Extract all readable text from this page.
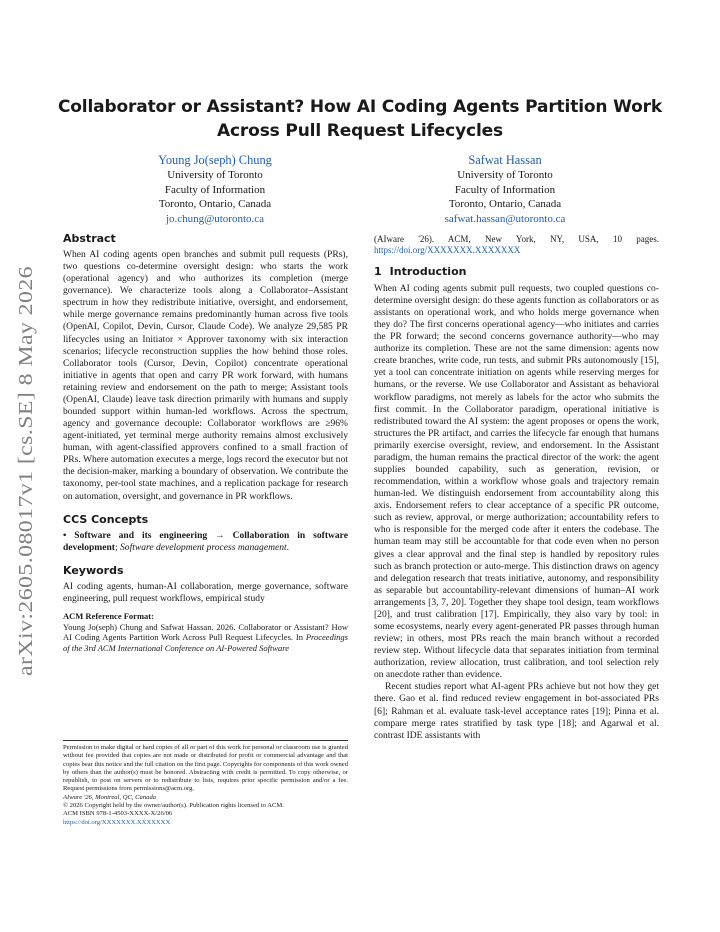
arXiv:2605.08017v1 [cs.SE] 8 May 2026
Collaborator or Assistant? How AI Coding Agents Partition Work Across Pull Request Lifecycles
Young Jo(seph) Chung
University of Toronto
Faculty of Information
Toronto, Ontario, Canada
jo.chung@utoronto.ca
Safwat Hassan
University of Toronto
Faculty of Information
Toronto, Ontario, Canada
safwat.hassan@utoronto.ca
Abstract

When AI coding agents open branches and submit pull requests (PRs), two questions co-determine oversight design: who starts the work (operational agency) and who authorizes its completion (merge governance). We characterize tools along a Collaborator–Assistant spectrum in how they redistribute initiative, oversight, and endorsement, while merge governance remains predominantly human across five tools (OpenAI, Copilot, Devin, Cursor, Claude Code). We analyze 29,585 PR lifecycles using an Initiator × Approver taxonomy with six interaction scenarios; lifecycle reconstruction supplies the how behind those roles. Collaborator tools (Cursor, Devin, Copilot) concentrate operational initiative in agents that open and carry PR work forward, with humans retaining review and endorsement on the path to merge; Assistant tools (OpenAI, Claude) leave task direction primarily with humans and supply bounded support within human-led workflows. Across the spectrum, agency and governance decouple: Collaborator workflows are ≥96% agent-initiated, yet terminal merge authority remains almost exclusively human, with agent-classified approvers confined to a small fraction of PRs. Where automation executes a merge, logs record the executor but not the decision-maker, marking a boundary of observation. We contribute the taxonomy, per-tool state machines, and a replication package for research on automation, oversight, and governance in PR workflows.

CCS Concepts

• Software and its engineering → Collaboration in software development; Software development process management.

Keywords

AI coding agents, human-AI collaboration, merge governance, software engineering, pull request workflows, empirical study

ACM Reference Format:
Young Jo(seph) Chung and Safwat Hassan. 2026. Collaborator or Assistant? How AI Coding Agents Partition Work Across Pull Request Lifecycles. In Proceedings of the 3rd ACM International Conference on AI-Powered Software
Permission to make digital or hard copies of all or part of this work for personal or classroom use is granted without fee provided that copies are not made or distributed for profit or commercial advantage and that copies bear this notice and the full citation on the first page. Copyrights for components of this work owned by others than the author(s) must be honored. Abstracting with credit is permitted. To copy otherwise, or republish, to post on servers or to redistribute to lists, requires prior specific permission and/or a fee. Request permissions from permissions@acm.org.
AIware '26, Montreal, QC, Canada
© 2026 Copyright held by the owner/author(s). Publication rights licensed to ACM.
ACM ISBN 978-1-4503-XXXX-X/26/06
https://doi.org/XXXXXXX.XXXXXXX
(AIware '26). ACM, New York, NY, USA, 10 pages. https://doi.org/XXXXXXX.XXXXXXX
1 Introduction

When AI coding agents submit pull requests, two coupled questions co-determine oversight design: do these agents function as collaborators or as assistants on operational work, and who holds merge governance when they do? The first concerns operational agency—who initiates and carries the PR forward; the second concerns governance authority—who may authorize its completion. These are not the same dimension: agents now create branches, write code, run tests, and submit PRs autonomously [15], yet a tool can concentrate initiation on agents while reserving merges for humans, or the reverse. We use Collaborator and Assistant as behavioral workflow paradigms, not merely as labels for the actor who submits the first commit. In the Collaborator paradigm, operational initiative is redistributed toward the AI system: the agent proposes or opens the work, structures the PR artifact, and carries the lifecycle far enough that humans primarily exercise oversight, review, and endorsement. In the Assistant paradigm, the human remains the practical director of the work: the agent supplies bounded capability, such as generation, revision, or recommendation, within a workflow whose goals and trajectory remain human-led. We distinguish endorsement from accountability along this axis. Endorsement refers to clear acceptance of a specific PR outcome, such as review, approval, or merge authorization; accountability refers to who is responsible for the merged code after it enters the codebase. The human team may still be accountable for that code even when no person gives a clear approval and the final step is handled by repository rules such as branch protection or auto-merge. This distinction draws on agency and delegation research that treats initiative, autonomy, and responsibility as separable but accountability-relevant dimensions of human–AI work arrangements [3, 7, 20]. Together they shape tool design, team workflows [20], and trust calibration [17]. Empirically, they also vary by tool: in some ecosystems, nearly every agent-generated PR passes through human review; in others, most PRs reach the main branch without a recorded review step. Without lifecycle data that separates initiation from terminal authorization, review allocation, trust calibration, and tool selection rely on anecdote rather than evidence.

Recent studies report what AI-agent PRs achieve but not how they get there. Gao et al. find reduced review engagement in bot-associated PRs [6]; Rahman et al. evaluate task-level acceptance rates [19]; Pinna et al. compare merge rates stratified by task type [18]; and Agarwal et al. contrast IDE assistants with
